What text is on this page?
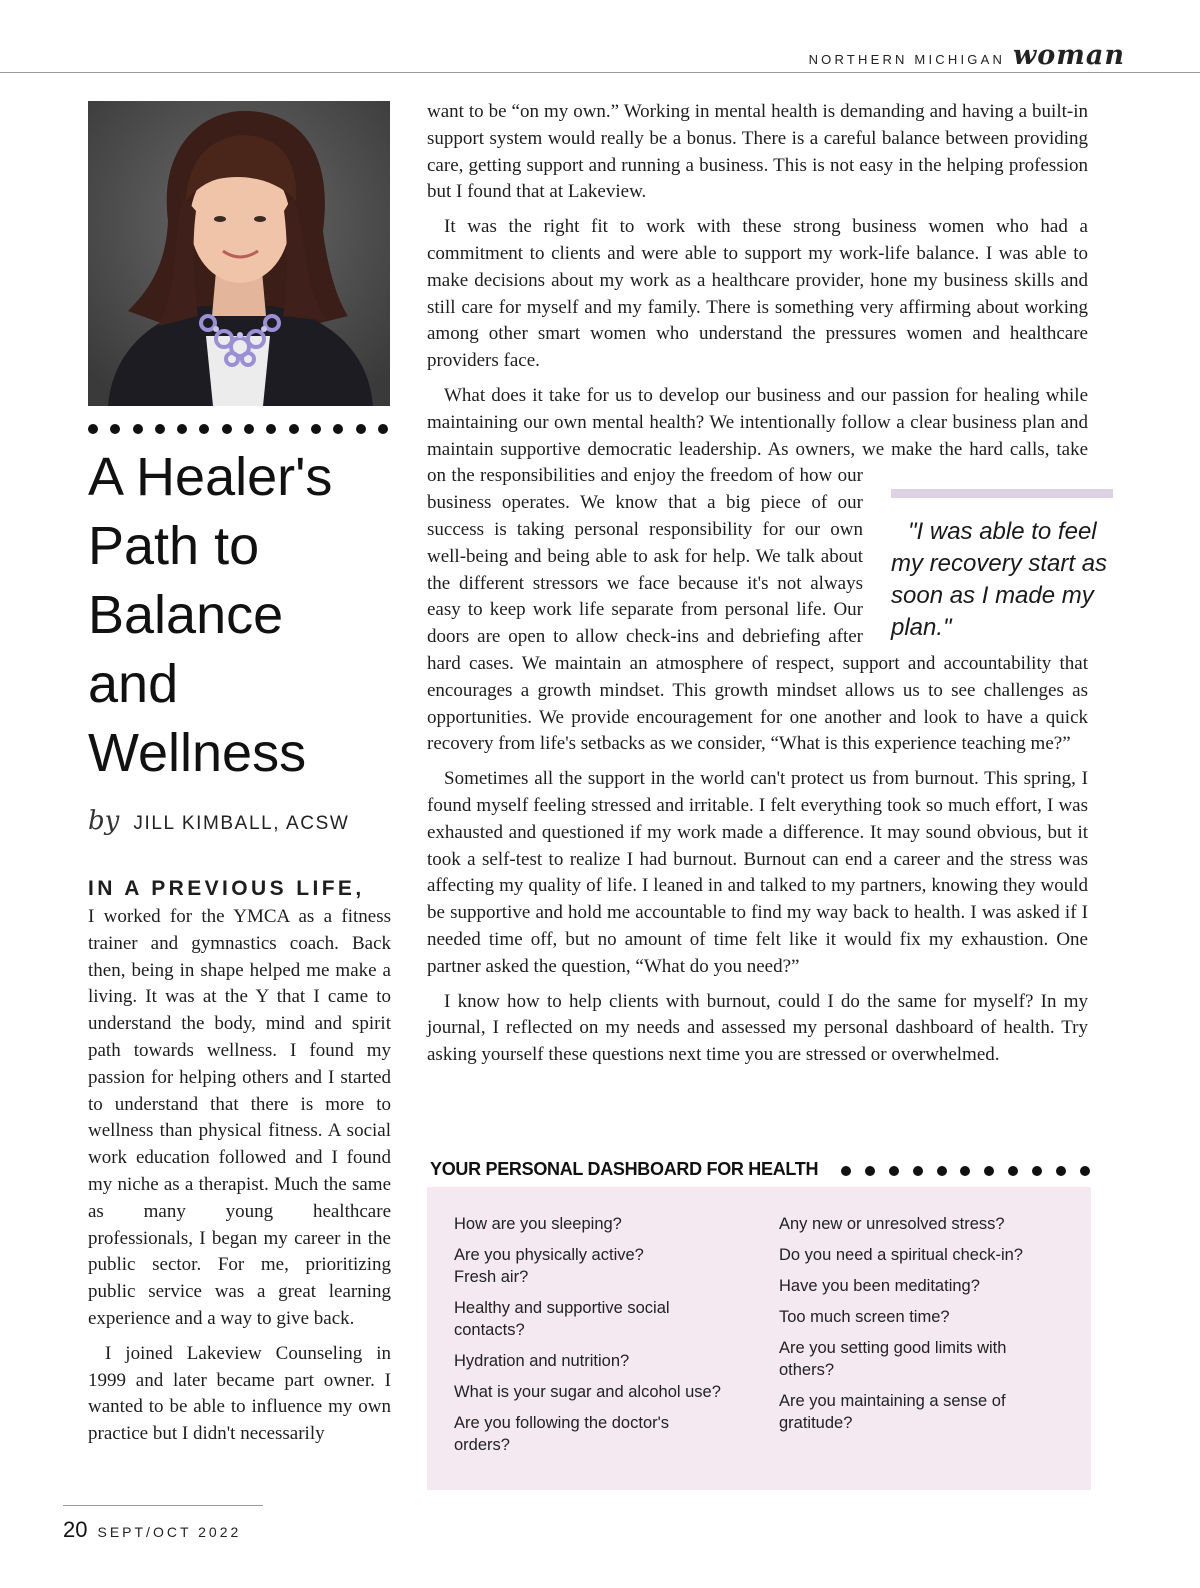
NORTHERN MICHIGAN woman
A Healer's Path to Balance and Wellness
by JILL KIMBALL, ACSW

IN A PREVIOUS LIFE,
I worked for the YMCA as a fitness trainer and gymnastics coach. Back then, being in shape helped me make a living. It was at the Y that I came to understand the body, mind and spirit path towards wellness. I found my passion for helping others and I started to understand that there is more to wellness than physical fitness. A social work education followed and I found my niche as a therapist. Much the same as many young healthcare professionals, I began my career in the public sector. For me, prioritizing public service was a great learning experience and a way to give back.

I joined Lakeview Counseling in 1999 and later became part owner. I wanted to be able to influence my own practice but I didn't necessarily

want to be “on my own.” Working in mental health is demanding and having a built-in support system would really be a bonus. There is a careful balance between providing care, getting support and running a business. This is not easy in the helping profession but I found that at Lakeview.

It was the right fit to work with these strong business women who had a commitment to clients and were able to support my work-life balance. I was able to make decisions about my work as a healthcare provider, hone my business skills and still care for myself and my family. There is something very affirming about working among other smart women who understand the pressures women and healthcare providers face.

What does it take for us to develop our business and our passion for healing while maintaining our own mental health? We intentionally follow a clear business plan and maintain supportive democratic leadership. As owners, we
"I was able to feel my recovery start as soon as I made my plan."
make the hard calls, take on the responsibilities and enjoy the freedom of how our business operates. We know that a big piece of our success is taking personal responsibility for our own well-being and being able to ask for help. We talk about the different stressors we face because it's not always easy to keep work life separate from personal life. Our doors are open to allow check-ins and debriefing after hard cases. We maintain an atmosphere of respect, support and accountability that encourages a growth mindset. This growth mindset allows us to see challenges as opportunities. We provide encouragement for one another and look to have a quick recovery from life's setbacks as we consider, “What is this experience teaching me?”

Sometimes all the support in the world can't protect us from burnout. This spring, I found myself feeling stressed and irritable. I felt everything took so much effort, I was exhausted and questioned if my work made a difference. It may sound obvious, but it took a self-test to realize I had burnout. Burnout can end a career and the stress was affecting my quality of life. I leaned in and talked to my partners, knowing they would be supportive and hold me accountable to find my way back to health. I was asked if I needed time off, but no amount of time felt like it would fix my exhaustion. One partner asked the question, “What do you need?”

I know how to help clients with burnout, could I do the same for myself? In my journal, I reflected on my needs and assessed my personal dashboard of health. Try asking yourself these questions next time you are stressed or overwhelmed.

YOUR PERSONAL DASHBOARD FOR HEALTH
How are you sleeping?
Are you physically active? Fresh air?
Healthy and supportive social contacts?
Hydration and nutrition?
What is your sugar and alcohol use?
Are you following the doctor's orders?
Any new or unresolved stress?
Do you need a spiritual check-in?
Have you been meditating?
Too much screen time?
Are you setting good limits with others?
Are you maintaining a sense of gratitude?
20 SEPT/OCT 2022
